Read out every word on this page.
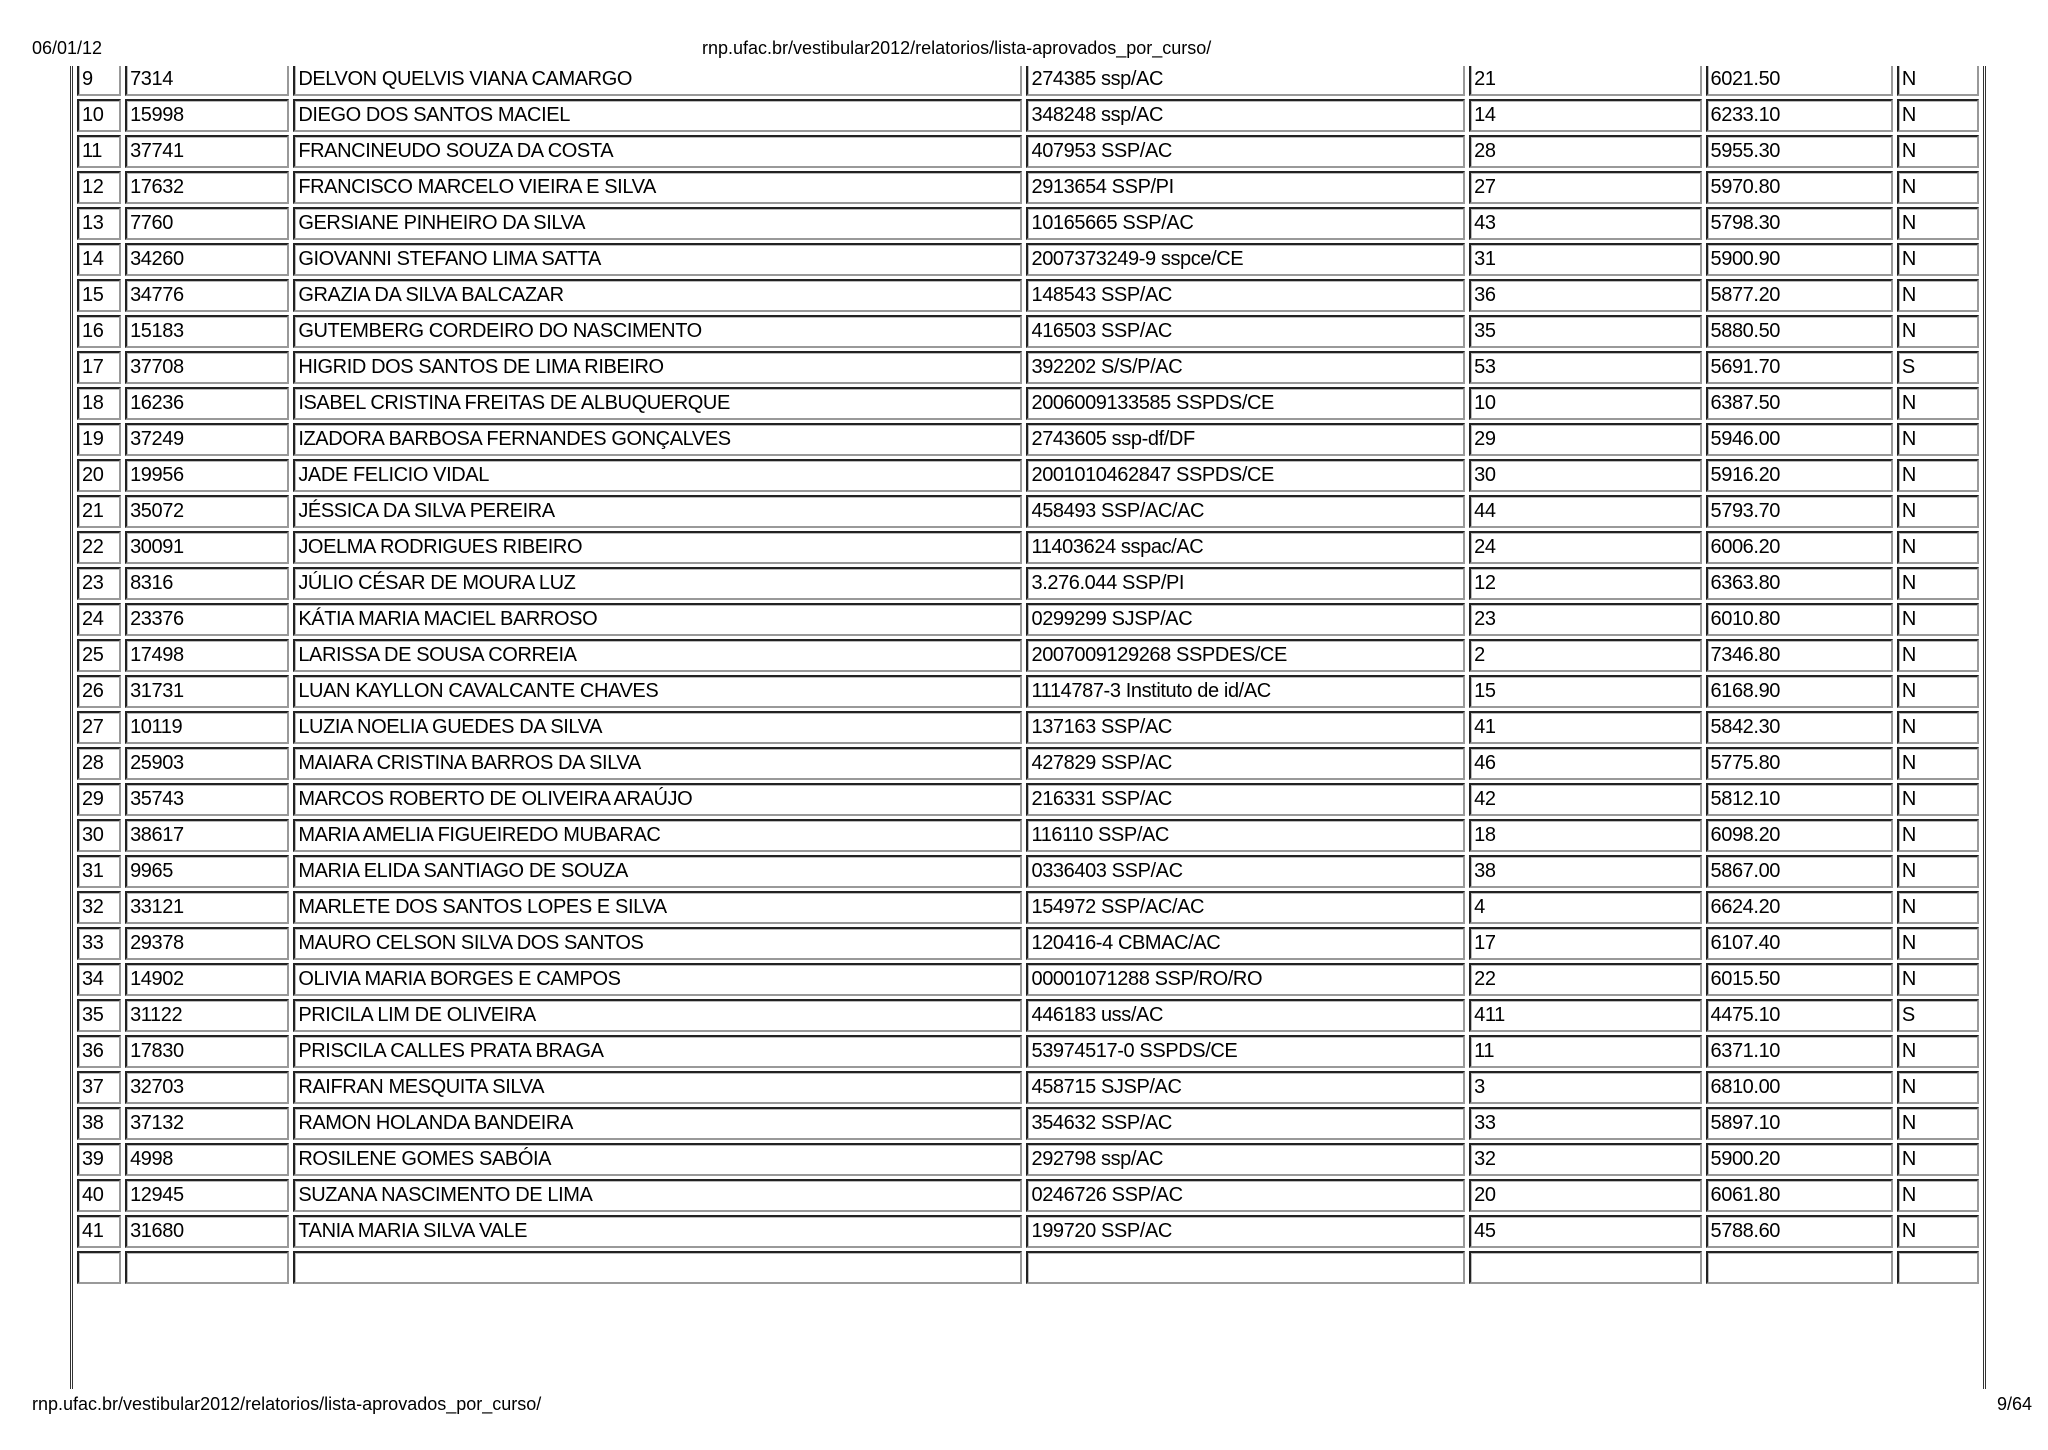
06/01/12	rnp.ufac.br/vestibular2012/relatorios/lista-aprovados_por_curso/
9	7314	DELVON QUELVIS VIANA CAMARGO	274385 ssp/AC	21	6021.50	N
10	15998	DIEGO DOS SANTOS MACIEL	348248 ssp/AC	14	6233.10	N
11	37741	FRANCINEUDO SOUZA DA COSTA	407953 SSP/AC	28	5955.30	N
12	17632	FRANCISCO MARCELO VIEIRA E SILVA	2913654 SSP/PI	27	5970.80	N
13	7760	GERSIANE PINHEIRO DA SILVA	10165665 SSP/AC	43	5798.30	N
14	34260	GIOVANNI STEFANO LIMA SATTA	2007373249-9 sspce/CE	31	5900.90	N
15	34776	GRAZIA DA SILVA BALCAZAR	148543 SSP/AC	36	5877.20	N
16	15183	GUTEMBERG CORDEIRO DO NASCIMENTO	416503 SSP/AC	35	5880.50	N
17	37708	HIGRID DOS SANTOS DE LIMA RIBEIRO	392202 S/S/P/AC	53	5691.70	S
18	16236	ISABEL CRISTINA FREITAS DE ALBUQUERQUE	2006009133585 SSPDS/CE	10	6387.50	N
19	37249	IZADORA BARBOSA FERNANDES GONÇALVES	2743605 ssp-df/DF	29	5946.00	N
20	19956	JADE FELICIO VIDAL	2001010462847 SSPDS/CE	30	5916.20	N
21	35072	JÉSSICA DA SILVA PEREIRA	458493 SSP/AC/AC	44	5793.70	N
22	30091	JOELMA RODRIGUES RIBEIRO	11403624 sspac/AC	24	6006.20	N
23	8316	JÚLIO CÉSAR DE MOURA LUZ	3.276.044 SSP/PI	12	6363.80	N
24	23376	KÁTIA MARIA MACIEL BARROSO	0299299 SJSP/AC	23	6010.80	N
25	17498	LARISSA DE SOUSA CORREIA	2007009129268 SSPDES/CE	2	7346.80	N
26	31731	LUAN KAYLLON CAVALCANTE CHAVES	1114787-3 Instituto de id/AC	15	6168.90	N
27	10119	LUZIA NOELIA GUEDES DA SILVA	137163 SSP/AC	41	5842.30	N
28	25903	MAIARA CRISTINA BARROS DA SILVA	427829 SSP/AC	46	5775.80	N
29	35743	MARCOS ROBERTO DE OLIVEIRA ARAÚJO	216331 SSP/AC	42	5812.10	N
30	38617	MARIA AMELIA FIGUEIREDO MUBARAC	116110 SSP/AC	18	6098.20	N
31	9965	MARIA ELIDA SANTIAGO DE SOUZA	0336403 SSP/AC	38	5867.00	N
32	33121	MARLETE DOS SANTOS LOPES E SILVA	154972 SSP/AC/AC	4	6624.20	N
33	29378	MAURO CELSON SILVA DOS SANTOS	120416-4 CBMAC/AC	17	6107.40	N
34	14902	OLIVIA MARIA BORGES E CAMPOS	00001071288 SSP/RO/RO	22	6015.50	N
35	31122	PRICILA LIM DE OLIVEIRA	446183 uss/AC	411	4475.10	S
36	17830	PRISCILA CALLES PRATA BRAGA	53974517-0 SSPDS/CE	11	6371.10	N
37	32703	RAIFRAN MESQUITA SILVA	458715 SJSP/AC	3	6810.00	N
38	37132	RAMON HOLANDA BANDEIRA	354632 SSP/AC	33	5897.10	N
39	4998	ROSILENE GOMES SABÓIA	292798 ssp/AC	32	5900.20	N
40	12945	SUZANA NASCIMENTO DE LIMA	0246726 SSP/AC	20	6061.80	N
41	31680	TANIA MARIA SILVA VALE	199720 SSP/AC	45	5788.60	N

rnp.ufac.br/vestibular2012/relatorios/lista-aprovados_por_curso/	9/64
